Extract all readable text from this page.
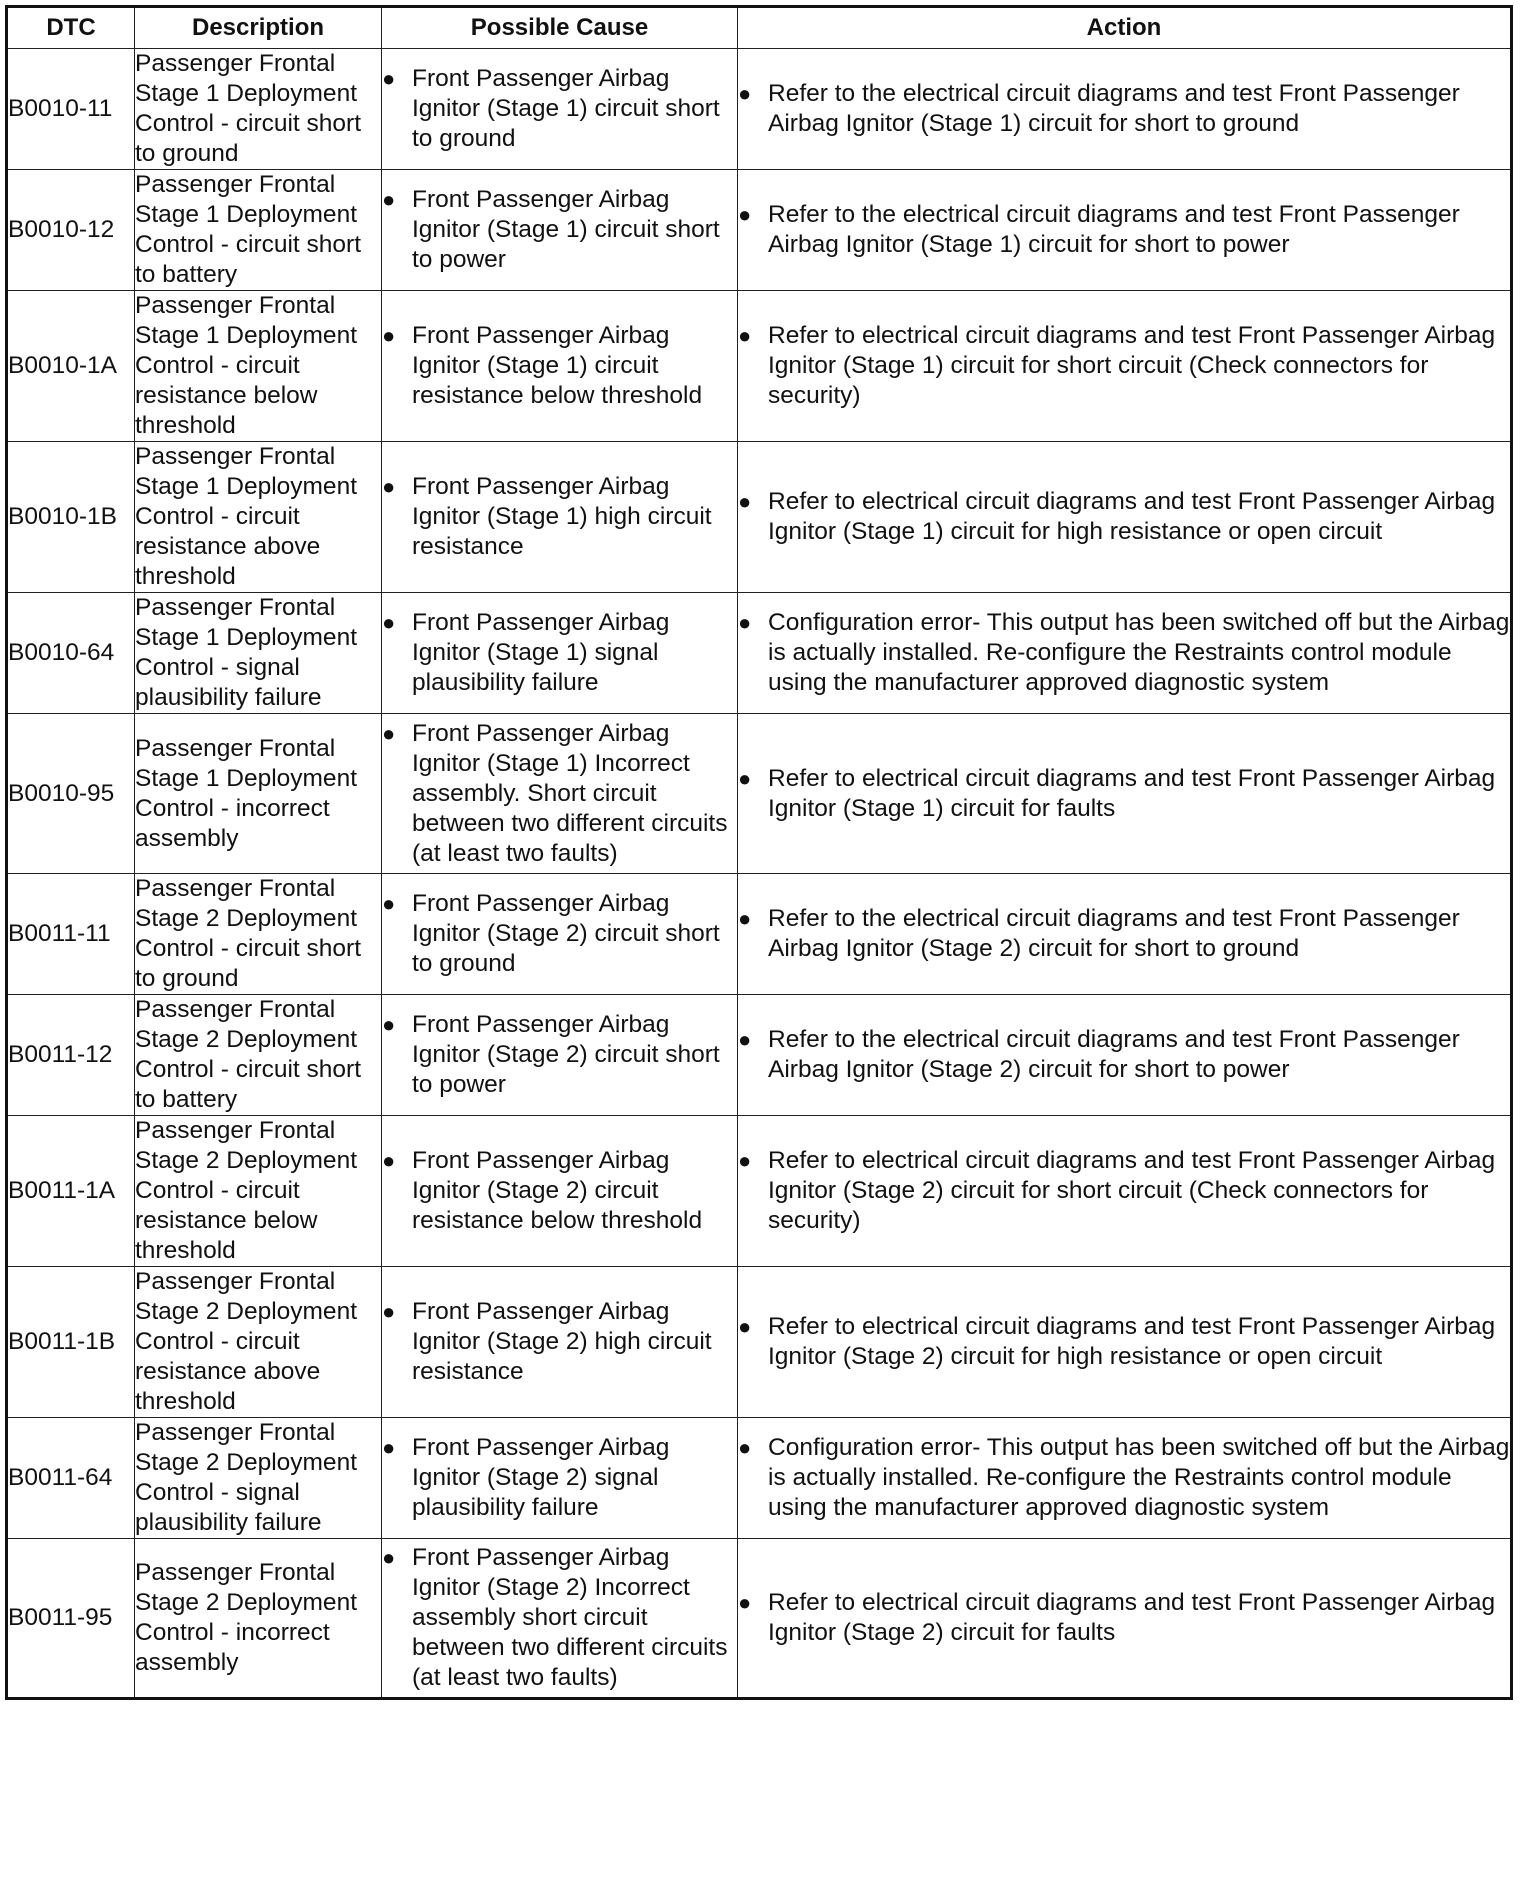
DTC	Description	Possible Cause	Action
B0010-11	Passenger Frontal Stage 1 Deployment Control - circuit short to ground	● Front Passenger Airbag Ignitor (Stage 1) circuit short to ground	● Refer to the electrical circuit diagrams and test Front Passenger Airbag Ignitor (Stage 1) circuit for short to ground

B0010-12	Passenger Frontal Stage 1 Deployment Control - circuit short to battery	● Front Passenger Airbag Ignitor (Stage 1) circuit short to power	● Refer to the electrical circuit diagrams and test Front Passenger Airbag Ignitor (Stage 1) circuit for short to power

B0010-1A	Passenger Frontal Stage 1 Deployment Control - circuit resistance below threshold	● Front Passenger Airbag Ignitor (Stage 1) circuit resistance below threshold	● Refer to electrical circuit diagrams and test Front Passenger Airbag Ignitor (Stage 1) circuit for short circuit (Check connectors for security)

B0010-1B	Passenger Frontal Stage 1 Deployment Control - circuit resistance above threshold	● Front Passenger Airbag Ignitor (Stage 1) high circuit resistance	● Refer to electrical circuit diagrams and test Front Passenger Airbag Ignitor (Stage 1) circuit for high resistance or open circuit

B0010-64	Passenger Frontal Stage 1 Deployment Control - signal plausibility failure	● Front Passenger Airbag Ignitor (Stage 1) signal plausibility failure	● Configuration error- This output has been switched off but the Airbag is actually installed. Re-configure the Restraints control module using the manufacturer approved diagnostic system

B0010-95	Passenger Frontal Stage 1 Deployment Control - incorrect assembly	● Front Passenger Airbag Ignitor (Stage 1) Incorrect assembly. Short circuit between two different circuits (at least two faults)	● Refer to electrical circuit diagrams and test Front Passenger Airbag Ignitor (Stage 1) circuit for faults

B0011-11	Passenger Frontal Stage 2 Deployment Control - circuit short to ground	● Front Passenger Airbag Ignitor (Stage 2) circuit short to ground	● Refer to the electrical circuit diagrams and test Front Passenger Airbag Ignitor (Stage 2) circuit for short to ground

B0011-12	Passenger Frontal Stage 2 Deployment Control - circuit short to battery	● Front Passenger Airbag Ignitor (Stage 2) circuit short to power	● Refer to the electrical circuit diagrams and test Front Passenger Airbag Ignitor (Stage 2) circuit for short to power

B0011-1A	Passenger Frontal Stage 2 Deployment Control - circuit resistance below threshold	● Front Passenger Airbag Ignitor (Stage 2) circuit resistance below threshold	● Refer to electrical circuit diagrams and test Front Passenger Airbag Ignitor (Stage 2) circuit for short circuit (Check connectors for security)

B0011-1B	Passenger Frontal Stage 2 Deployment Control - circuit resistance above threshold	● Front Passenger Airbag Ignitor (Stage 2) high circuit resistance	● Refer to electrical circuit diagrams and test Front Passenger Airbag Ignitor (Stage 2) circuit for high resistance or open circuit

B0011-64	Passenger Frontal Stage 2 Deployment Control - signal plausibility failure	● Front Passenger Airbag Ignitor (Stage 2) signal plausibility failure	● Configuration error- This output has been switched off but the Airbag is actually installed. Re-configure the Restraints control module using the manufacturer approved diagnostic system

B0011-95	Passenger Frontal Stage 2 Deployment Control - incorrect assembly	● Front Passenger Airbag Ignitor (Stage 2) Incorrect assembly short circuit between two different circuits (at least two faults)	● Refer to electrical circuit diagrams and test Front Passenger Airbag Ignitor (Stage 2) circuit for faults
